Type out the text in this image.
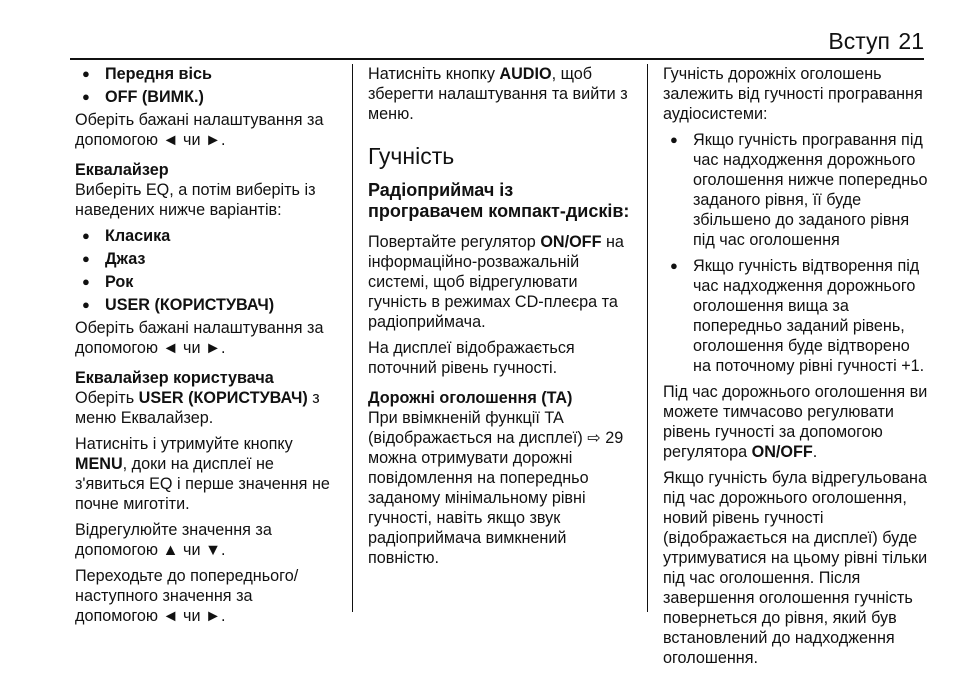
Вступ 21
● Передня вісь
● OFF (ВИМК.)

Оберіть бажані налаштування за допомогою ◄ чи ►.

Еквалайзер

Виберіть EQ, а потім виберіть із наведених нижче варіантів:

● Класика
● Джаз
● Рок
● USER (КОРИСТУВАЧ)

Оберіть бажані налаштування за допомогою ◄ чи ►.

Еквалайзер користувача

Оберіть USER (КОРИСТУВАЧ) з меню Еквалайзер.

Натисніть і утримуйте кнопку MENU, доки на дисплеї не з'явиться EQ і перше значення не почне миготіти.

Відрегулюйте значення за допомогою ▲ чи ▼.

Переходьте до попереднього/ наступного значення за допомогою ◄ чи ►.

Натисніть кнопку AUDIO, щоб зберегти налаштування та вийти з меню.

Гучність
Радіоприймач із програвачем компакт-дисків:

Повертайте регулятор ON/OFF на інформаційно-розважальній системі, щоб відрегулювати гучність в режимах CD-плеєра та радіоприймача.

На дисплеї відображається поточний рівень гучності.

Дорожні оголошення (TA)

При ввімкненій функції TA (відображається на дисплеї) ⇨ 29 можна отримувати дорожні повідомлення на попередньо заданому мінімальному рівні гучності, навіть якщо звук радіоприймача вимкнений повністю.

Гучність дорожніх оголошень залежить від гучності програвання аудіосистеми:

● Якщо гучність програвання під час надходження дорожнього оголошення нижче попередньо заданого рівня, її буде збільшено до заданого рівня під час оголошення
● Якщо гучність відтворення під час надходження дорожнього оголошення вища за попередньо заданий рівень, оголошення буде відтворено на поточному рівні гучності +1.

Під час дорожнього оголошення ви можете тимчасово регулювати рівень гучності за допомогою регулятора ON/OFF.

Якщо гучність була відрегульована під час дорожнього оголошення, новий рівень гучності (відображається на дисплеї) буде утримуватися на цьому рівні тільки під час оголошення. Після завершення оголошення гучність повернеться до рівня, який був встановлений до надходження оголошення.
